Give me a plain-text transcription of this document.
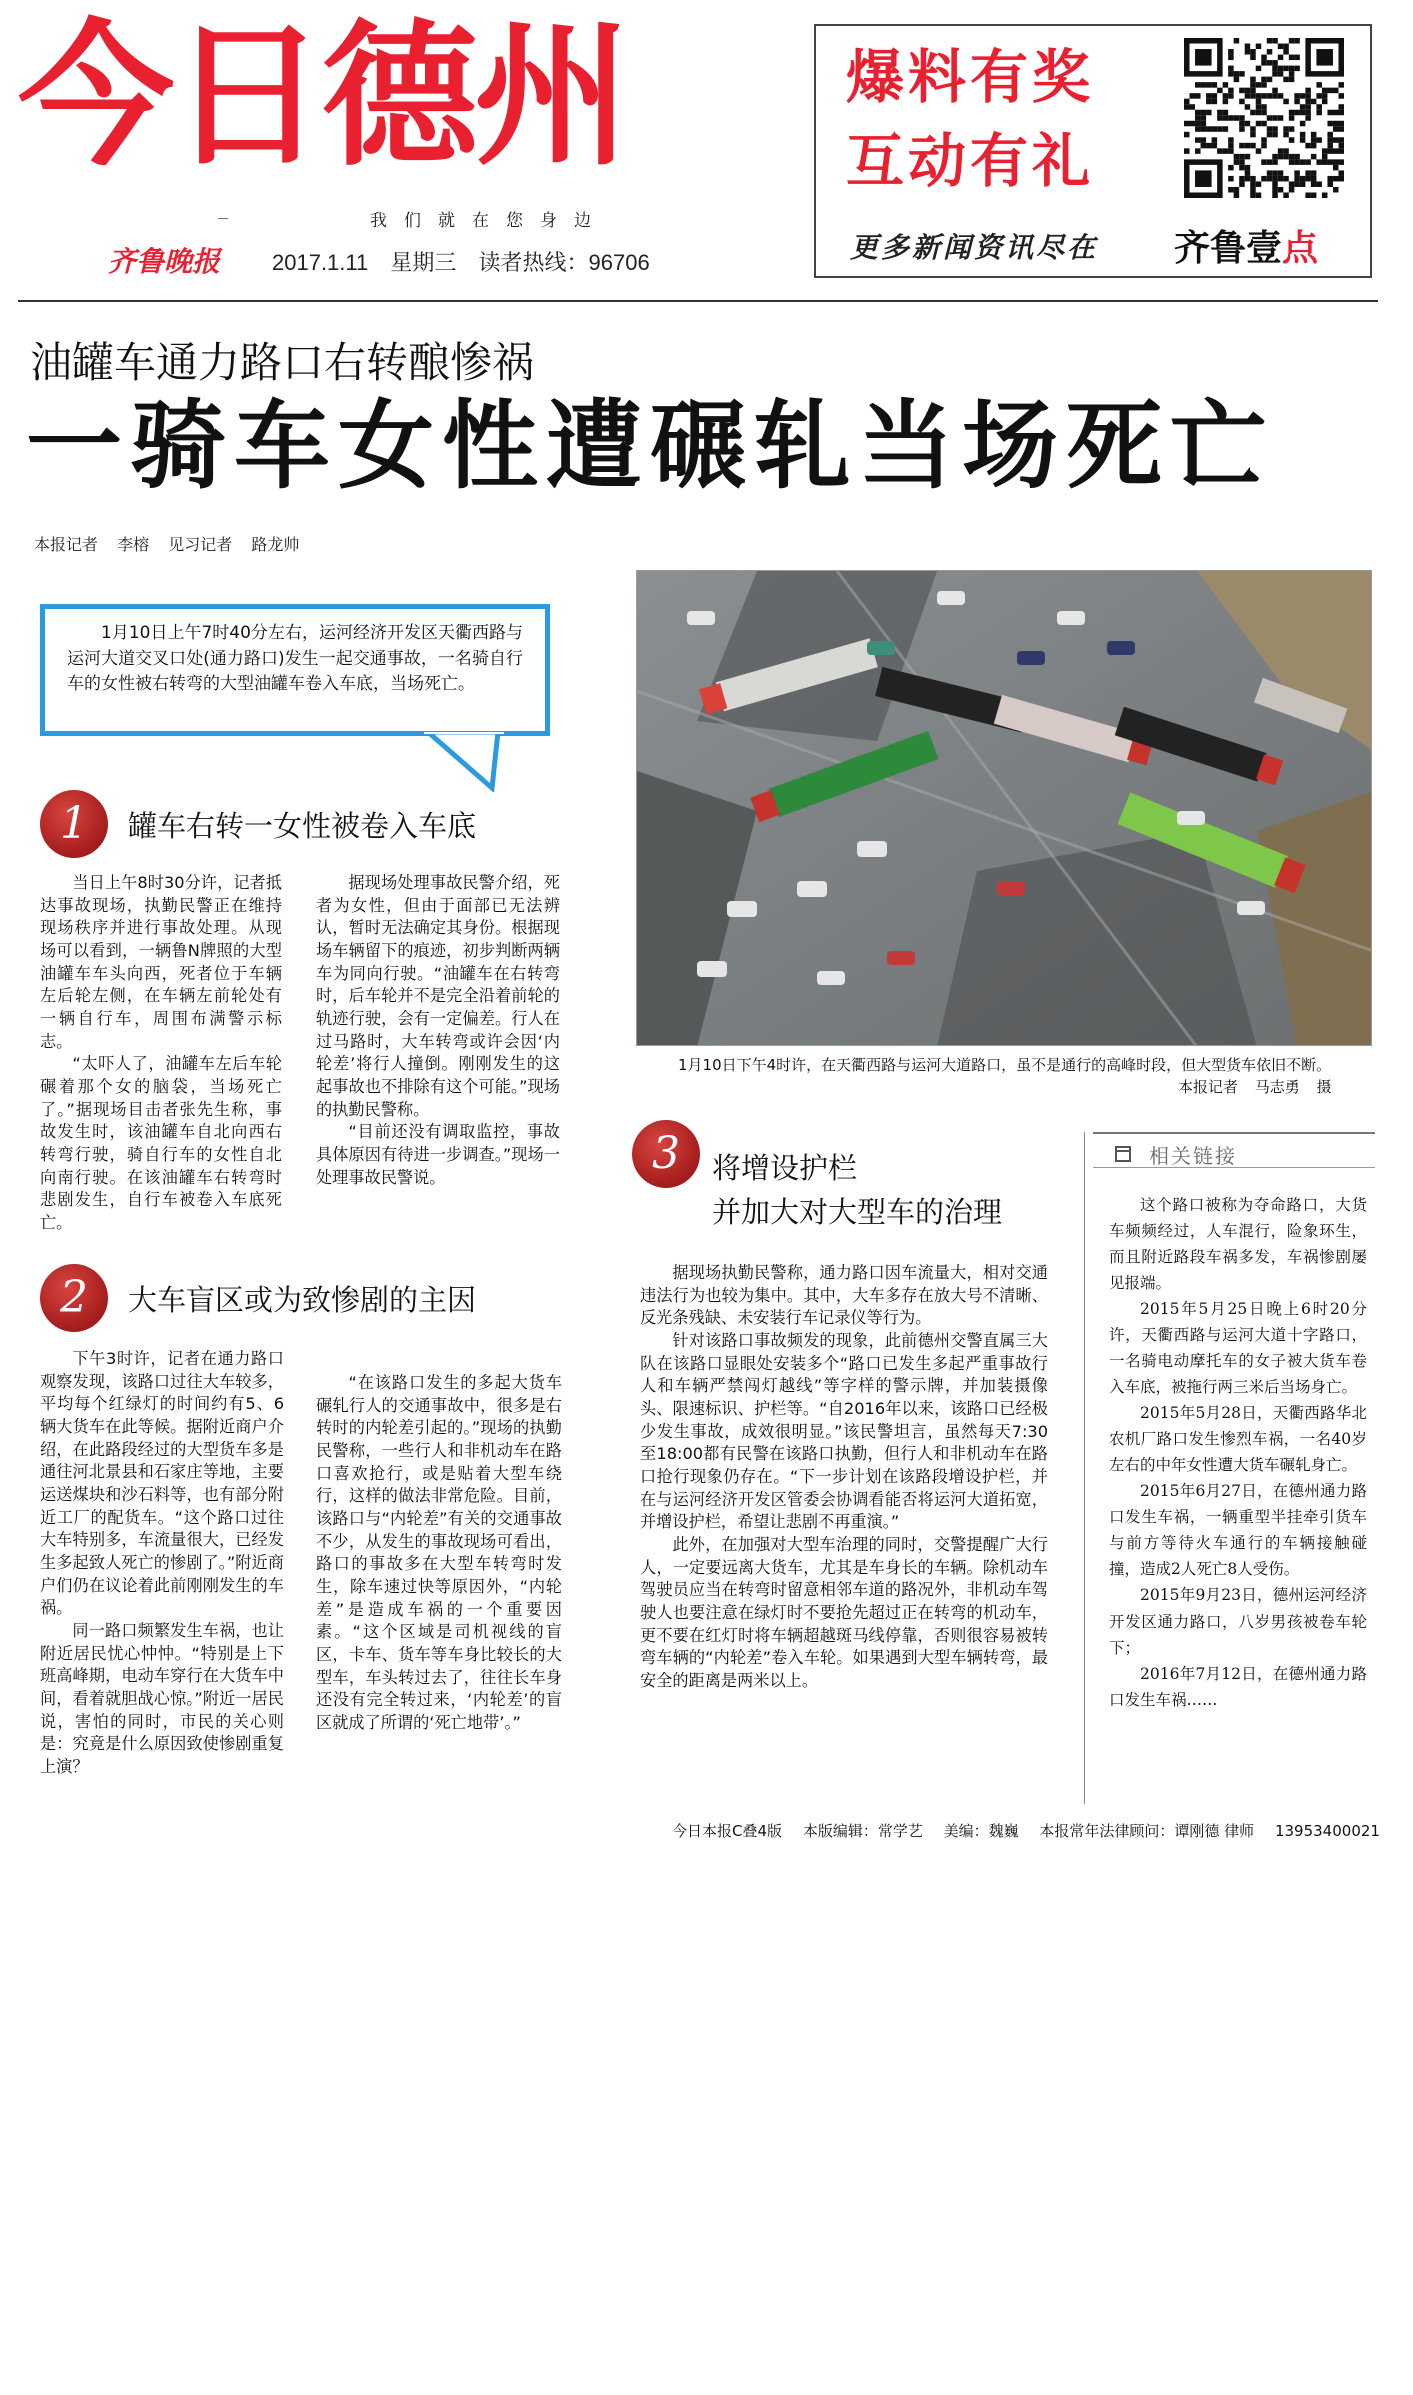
今日德州
我们就在您身边
齐鲁晚报 2017.1.11 星期三 读者热线：96706
爆料有奖
互动有礼
更多新闻资讯尽在 齐鲁壹点
油罐车通力路口右转酿惨祸
一骑车女性遭碾轧当场死亡
本报记者 李榕 见习记者 路龙帅

1月10日上午7时40分左右，运河经济开发区天衢西路与运河大道交叉口处(通力路口)发生一起交通事故，一名骑自行车的女性被右转弯的大型油罐车卷入车底，当场死亡。

1	罐车右转一女性被卷入车底

当日上午8时30分许，记者抵达事故现场，执勤民警正在维持现场秩序并进行事故处理。从现场可以看到，一辆鲁N牌照的大型油罐车车头向西，死者位于车辆左后轮左侧，在车辆左前轮处有一辆自行车，周围布满警示标志。

“太吓人了，油罐车左后车轮碾着那个女的脑袋，当场死亡了。”据现场目击者张先生称，事故发生时，该油罐车自北向西右转弯行驶，骑自行车的女性自北向南行驶。在该油罐车右转弯时悲剧发生，自行车被卷入车底死亡。

据现场处理事故民警介绍，死者为女性，但由于面部已无法辨认，暂时无法确定其身份。根据现场车辆留下的痕迹，初步判断两辆车为同向行驶。“油罐车在右转弯时，后车轮并不是完全沿着前轮的轨迹行驶，会有一定偏差。行人在过马路时，大车转弯或许会因‘内轮差’将行人撞倒。刚刚发生的这起事故也不排除有这个可能。”现场的执勤民警称。

“目前还没有调取监控，事故具体原因有待进一步调查。”现场一处理事故民警说。

2	大车盲区或为致惨剧的主因

下午3时许，记者在通力路口观察发现，该路口过往大车较多，平均每个红绿灯的时间约有5、6辆大货车在此等候。据附近商户介绍，在此路段经过的大型货车多是通往河北景县和石家庄等地，主要运送煤块和沙石料等，也有部分附近工厂的配货车。“这个路口过往大车特别多，车流量很大，已经发生多起致人死亡的惨剧了。”附近商户们仍在议论着此前刚刚发生的车祸。

同一路口频繁发生车祸，也让附近居民忧心忡忡。“特别是上下班高峰期，电动车穿行在大货车中间，看着就胆战心惊。”附近一居民说，害怕的同时，市民的关心则是：究竟是什么原因致使惨剧重复上演？

“在该路口发生的多起大货车碾轧行人的交通事故中，很多是右转时的内轮差引起的。”现场的执勤民警称，一些行人和非机动车在路口喜欢抢行，或是贴着大型车绕行，这样的做法非常危险。目前，该路口与“内轮差”有关的交通事故不少，从发生的事故现场可看出，路口的事故多在大型车转弯时发生，除车速过快等原因外，“内轮差”是造成车祸的一个重要因素。“这个区域是司机视线的盲区，卡车、货车等车身比较长的大型车，车头转过去了，往往长车身还没有完全转过来，‘内轮差’的盲区就成了所谓的‘死亡地带’。”

1月10日下午4时许，在天衢西路与运河大道路口，虽不是通行的高峰时段，但大型货车依旧不断。
本报记者 马志勇 摄
3	将增设护栏
并加大对大型车的治理

据现场执勤民警称，通力路口因车流量大，相对交通违法行为也较为集中。其中，大车多存在放大号不清晰、反光条残缺、未安装行车记录仪等行为。

针对该路口事故频发的现象，此前德州交警直属三大队在该路口显眼处安装多个“路口已发生多起严重事故行人和车辆严禁闯灯越线”等字样的警示牌，并加装摄像头、限速标识、护栏等。“自2016年以来，该路口已经极少发生事故，成效很明显。”该民警坦言，虽然每天7:30至18:00都有民警在该路口执勤，但行人和非机动车在路口抢行现象仍存在。“下一步计划在该路段增设护栏，并在与运河经济开发区管委会协调看能否将运河大道拓宽，并增设护栏，希望让悲剧不再重演。”

此外，在加强对大型车治理的同时，交警提醒广大行人，一定要远离大货车，尤其是车身长的车辆。除机动车驾驶员应当在转弯时留意相邻车道的路况外，非机动车驾驶人也要注意在绿灯时不要抢先超过正在转弯的机动车，更不要在红灯时将车辆超越斑马线停靠，否则很容易被转弯车辆的“内轮差”卷入车轮。如果遇到大型车辆转弯，最安全的距离是两米以上。

相关链接

这个路口被称为夺命路口，大货车频频经过，人车混行，险象环生，而且附近路段车祸多发，车祸惨剧屡见报端。

2015年5月25日晚上6时20分许，天衢西路与运河大道十字路口，一名骑电动摩托车的女子被大货车卷入车底，被拖行两三米后当场身亡。

2015年5月28日，天衢西路华北农机厂路口发生惨烈车祸，一名40岁左右的中年女性遭大货车碾轧身亡。

2015年6月27日，在德州通力路口发生车祸，一辆重型半挂牵引货车与前方等待火车通行的车辆接触碰撞，造成2人死亡8人受伤。

2015年9月23日，德州运河经济开发区通力路口，八岁男孩被卷车轮下；

2016年7月12日，在德州通力路口发生车祸……

今日本报C叠4版 本版编辑：常学艺 美编：魏巍 本报常年法律顾问：谭刚德 律师 13953400021
